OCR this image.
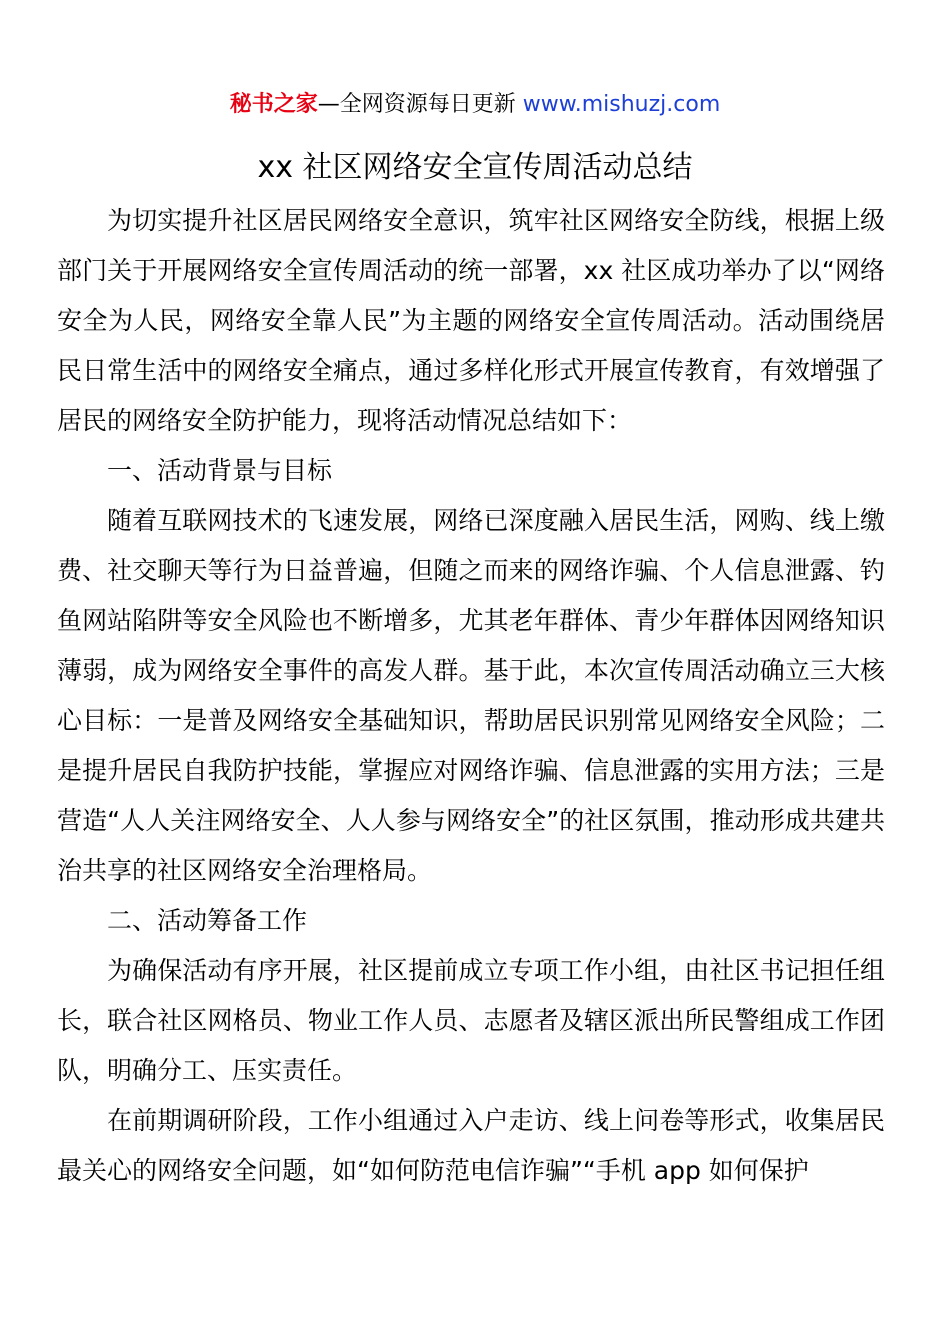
秘书之家—全网资源每日更新 www.mishuzj.com
xx 社区网络安全宣传周活动总结

为切实提升社区居民网络安全意识，筑牢社区网络安全防线，根据上级部门关于开展网络安全宣传周活动的统一部署，xx 社区成功举办了以“网络安全为人民，网络安全靠人民”为主题的网络安全宣传周活动。活动围绕居民日常生活中的网络安全痛点，通过多样化形式开展宣传教育，有效增强了居民的网络安全防护能力，现将活动情况总结如下：

一、活动背景与目标

随着互联网技术的飞速发展，网络已深度融入居民生活，网购、线上缴费、社交聊天等行为日益普遍，但随之而来的网络诈骗、个人信息泄露、钓鱼网站陷阱等安全风险也不断增多，尤其老年群体、青少年群体因网络知识薄弱，成为网络安全事件的高发人群。基于此，本次宣传周活动确立三大核心目标：一是普及网络安全基础知识，帮助居民识别常见网络安全风险；二是提升居民自我防护技能，掌握应对网络诈骗、信息泄露的实用方法；三是营造“人人关注网络安全、人人参与网络安全”的社区氛围，推动形成共建共治共享的社区网络安全治理格局。

二、活动筹备工作

为确保活动有序开展，社区提前成立专项工作小组，由社区书记担任组长，联合社区网格员、物业工作人员、志愿者及辖区派出所民警组成工作团队，明确分工、压实责任。

在前期调研阶段，工作小组通过入户走访、线上问卷等形式，收集居民最关心的网络安全问题，如“如何防范电信诈骗”“手机 app 如何保护
